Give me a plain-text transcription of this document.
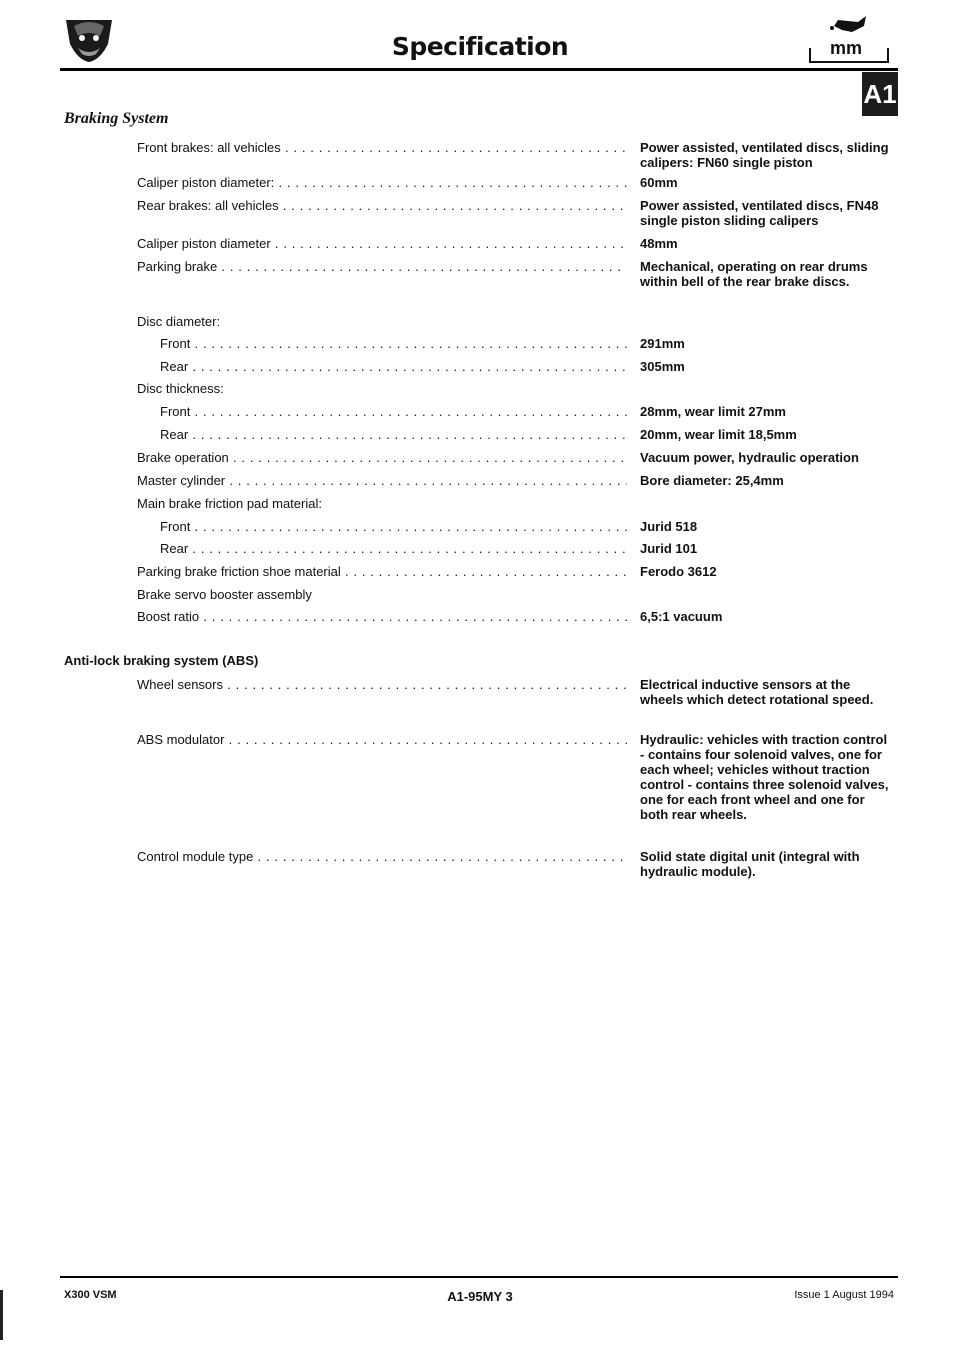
Specification	mm
A1
Braking System
Front brakes: all vehicles . . .	Power assisted, ventilated discs, sliding calipers: FN60 single piston
Caliper piston diameter: . . .	60mm
Rear brakes: all vehicles . . .	Power assisted, ventilated discs, FN48 single piston sliding calipers
Caliper piston diameter . . .	48mm
Parking brake . . .	Mechanical, operating on rear drums within bell of the rear brake discs.
Disc diameter:
Front . . .	291mm
Rear . . .	305mm
Disc thickness:
Front . . .	28mm, wear limit 27mm
Rear . . .	20mm, wear limit 18,5mm
Brake operation . . .	Vacuum power, hydraulic operation
Master cylinder . . .	Bore diameter: 25,4mm
Main brake friction pad material:
Front . . .	Jurid 518
Rear . . .	Jurid 101
Parking brake friction shoe material . . .	Ferodo 3612
Brake servo booster assembly
Boost ratio . . .	6,5:1 vacuum
Anti-lock braking system (ABS)
Wheel sensors . . .	Electrical inductive sensors at the wheels which detect rotational speed.
ABS modulator . . .	Hydraulic: vehicles with traction control - contains four solenoid valves, one for each wheel; vehicles without traction control - contains three solenoid valves, one for each front wheel and one for both rear wheels.
Control module type . . .	Solid state digital unit (integral with hydraulic module).
X300 VSM	A1-95MY 3	Issue 1 August 1994
